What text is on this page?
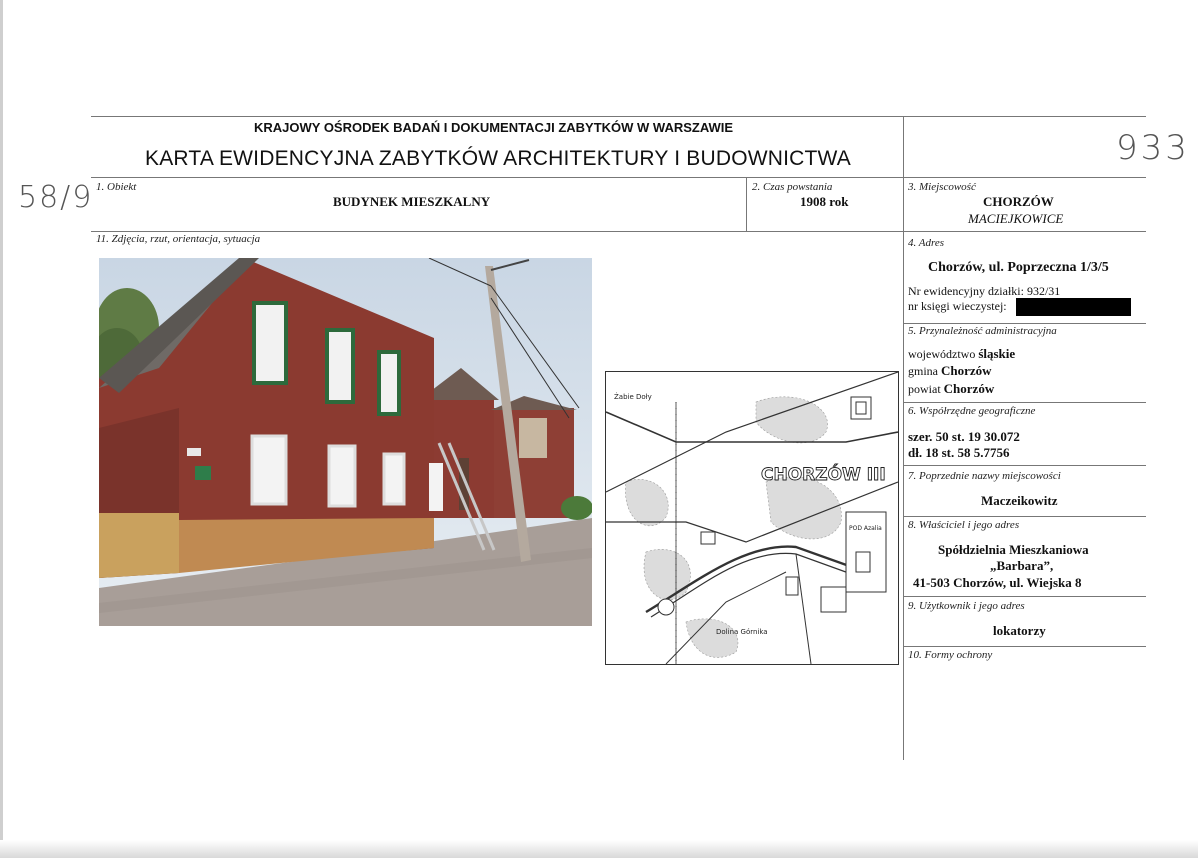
58/9
933
KRAJOWY OŚRODEK BADAŃ I DOKUMENTACJI ZABYTKÓW W WARSZAWIE
KARTA EWIDENCYJNA ZABYTKÓW ARCHITEKTURY I BUDOWNICTWA
1. Obiekt
BUDYNEK MIESZKALNY
2. Czas powstania
1908 rok
3. Miejscowość
CHORZÓW
MACIEJKOWICE
11. Zdjęcia, rzut, orientacja, sytuacja
Żabie Doły
CHORZÓW III
Dolina Górnika
POD Azalia
4. Adres
Chorzów, ul. Poprzeczna 1/3/5
Nr ewidencyjny działki: 932/31
nr księgi wieczystej:
5. Przynależność administracyjna
województwo śląskie
gmina Chorzów
powiat Chorzów
6. Współrzędne geograficzne
szer. 50 st. 19 30.072
dł. 18 st. 58 5.7756
7. Poprzednie nazwy miejscowości
Maczeikowitz
8. Właściciel i jego adres
Spółdzielnia Mieszkaniowa
„Barbara”,
41-503 Chorzów, ul. Wiejska 8
9. Użytkownik i jego adres
lokatorzy
10. Formy ochrony
